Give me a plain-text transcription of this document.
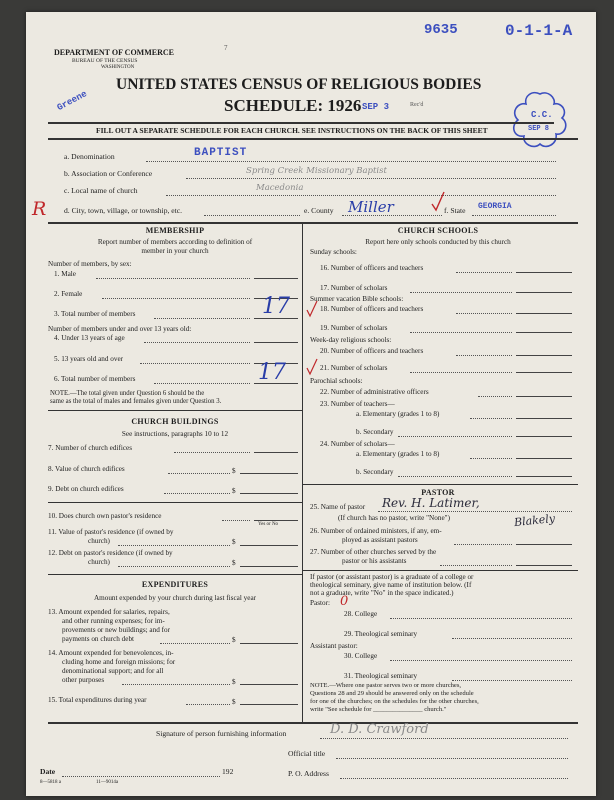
9635	0-1-1-A
DEPARTMENT OF COMMERCE
BUREAU OF THE CENSUS
WASHINGTON
7
Greene
UNITED STATES CENSUS OF RELIGIOUS BODIES
SCHEDULE: 1926 SEP 3	Rec'd
C.C.
SEP 8
FILL OUT A SEPARATE SCHEDULE FOR EACH CHURCH. SEE INSTRUCTIONS ON THE BACK OF THIS SHEET
a. Denomination	BAPTIST
b. Association or Conference	Spring Creek Missionary Baptist
c. Local name of church	Macedonia
R d. City, town, village, or township, etc.	e. County Miller	f. State GEORGIA
MEMBERSHIP
Report number of members according to definition of
member in your church
Number of members, by sex:
1. Male
2. Female
3. Total number of members	17
Number of members under and over 13 years old:
4. Under 13 years of age
5. 13 years old and over
6. Total number of members	17
NOTE.—The total given under Question 6 should be the
same as the total of males and females given under Question 3.
CHURCH BUILDINGS
See instructions, paragraphs 10 to 12
7. Number of church edifices
8. Value of church edifices	$
9. Debt on church edifices	$
10. Does church own pastor's residence
Yes or No
11. Value of pastor's residence (if owned by
church)	$
12. Debt on pastor's residence (if owned by
church)	$
EXPENDITURES
Amount expended by your church during last fiscal year
13. Amount expended for salaries, repairs,
and other running expenses; for im-
provements or new buildings; and for
payments on church debt	$
14. Amount expended for benevolences, in-
cluding home and foreign missions; for
denominational support; and for all
other purposes	$
15. Total expenditures during year	$
CHURCH SCHOOLS
Report here only schools conducted by this church
Sunday schools:
16. Number of officers and teachers
17. Number of scholars
Summer vacation Bible schools:
18. Number of officers and teachers
19. Number of scholars
Week-day religious schools:
20. Number of officers and teachers
21. Number of scholars
Parochial schools:
22. Number of administrative officers
23. Number of teachers—
a. Elementary (grades 1 to 8)
b. Secondary
24. Number of scholars—
a. Elementary (grades 1 to 8)
b. Secondary
PASTOR
25. Name of pastor Rev. H. Latimer,
(If church has no pastor, write "None")	Blakely
26. Number of ordained ministers, if any, em-
ployed as assistant pastors
27. Number of other churches served by the
pastor or his assistants
If pastor (or assistant pastor) is a graduate of a college or
theological seminary, give name of institution below. (If
not a graduate, write "No" in the space indicated.)
Pastor: 0
28. College
29. Theological seminary
Assistant pastor:
30. College
31. Theological seminary
NOTE.—Where one pastor serves two or more churches,
Questions 28 and 29 should be answered only on the schedule
for one of the churches; on the schedules for the other churches,
write "See schedule for _______________ church."
Signature of person furnishing information	D. D. Crawford
Official title
Date	192	P. O. Address
8—5818 a	11—9014a
